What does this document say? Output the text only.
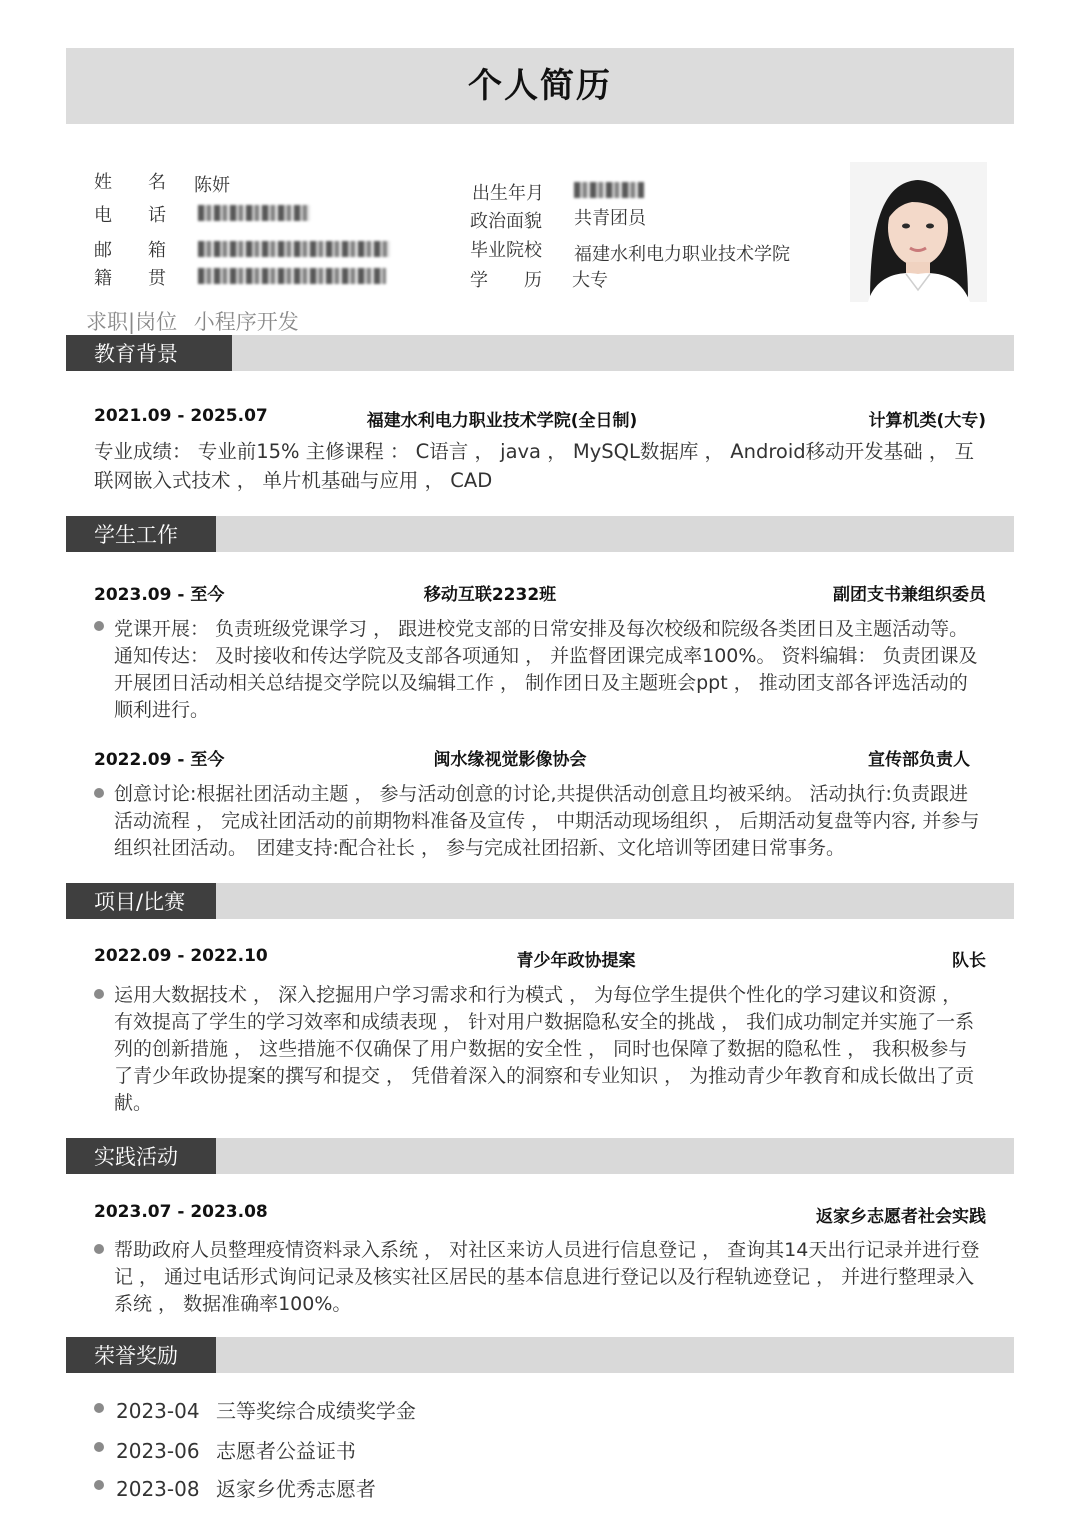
个人简历
姓　　名 陈妍
电　　话
邮　　箱
籍　　贯
出生年月
政治面貌 共青团员
毕业院校 福建水利电力职业技术学院
学　　历 大专
求职|岗位 小程序开发
教育背景
2021.09 - 2025.07	福建水利电力职业技术学院(全日制)	计算机类(大专)
专业成绩： 专业前15% 主修课程 ： C语言 ， java ， MySQL数据库 ， Android移动开发基础 ， 互联网嵌入式技术 ， 单片机基础与应用 ， CAD
学生工作
2023.09 - 至今	移动互联2232班	副团支书兼组织委员
党课开展： 负责班级党课学习 ， 跟进校党支部的日常安排及每次校级和院级各类团日及主题活动等。 通知传达： 及时接收和传达学院及支部各项通知 ， 并监督团课完成率100%。 资料编辑： 负责团课及开展团日活动相关总结提交学院以及编辑工作 ， 制作团日及主题班会ppt ， 推动团支部各评选活动的顺利进行。
2022.09 - 至今	闽水缘视觉影像协会	宣传部负责人
创意讨论:根据社团活动主题 ， 参与活动创意的讨论,共提供活动创意且均被采纳。 活动执行:负责跟进活动流程 ， 完成社团活动的前期物料准备及宣传 ， 中期活动现场组织 ， 后期活动复盘等内容, 并参与组织社团活动。　团建支持:配合社长 ， 参与完成社团招新、文化培训等团建日常事务。
项目/比赛
2022.09 - 2022.10	青少年政协提案	队长
运用大数据技术 ， 深入挖掘用户学习需求和行为模式 ， 为每位学生提供个性化的学习建议和资源 ， 有效提高了学生的学习效率和成绩表现 ， 针对用户数据隐私安全的挑战 ， 我们成功制定并实施了一系列的创新措施 ， 这些措施不仅确保了用户数据的安全性 ， 同时也保障了数据的隐私性 ， 我积极参与了青少年政协提案的撰写和提交 ， 凭借着深入的洞察和专业知识 ， 为推动青少年教育和成长做出了贡献。
实践活动
2023.07 - 2023.08	返家乡志愿者社会实践
帮助政府人员整理疫情资料录入系统 ， 对社区来访人员进行信息登记 ， 查询其14天出行记录并进行登记 ， 通过电话形式询问记录及核实社区居民的基本信息进行登记以及行程轨迹登记 ， 并进行整理录入系统 ， 数据准确率100%。
荣誉奖励
2023-04 三等奖综合成绩奖学金
2023-06 志愿者公益证书
2023-08 返家乡优秀志愿者
